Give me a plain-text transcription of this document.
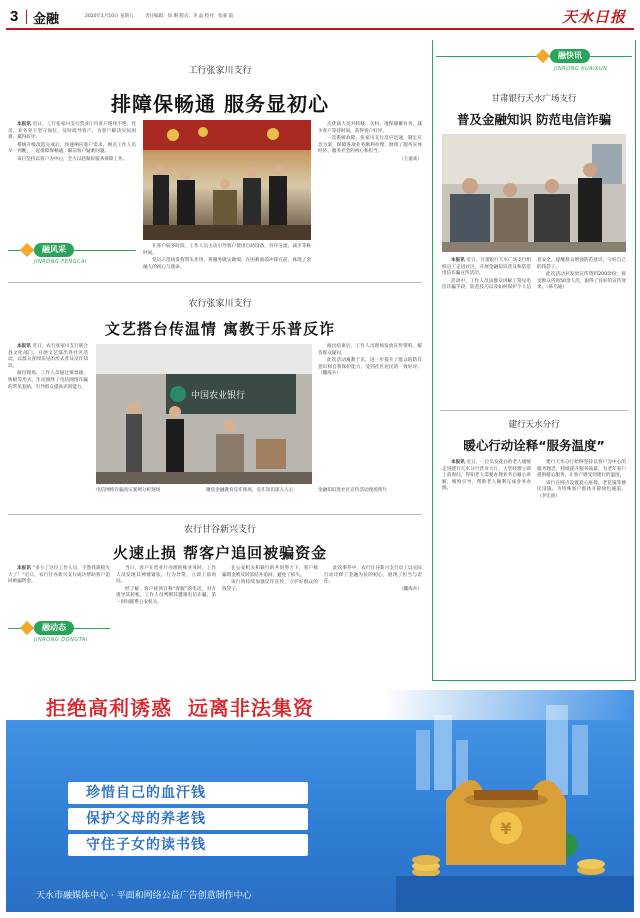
3 金融	2020年1月10日 星期五	责任编辑：徐 珊 版式：李 晶 校对：张蒙 霞	天水日报
工行张家川支行
排障保畅通 服务显初心

本报讯 近日，工行张家川支行营业厅内客户络绎不绝。党员、业务骨干坚守岗位，及时疏导客户，为客户解决实际困难，赢得好评。

系统升级改造完成后，快速响应客户需求，网点工作人员早一到晚，一起排障保畅通，解决客户疑难问题。

该行坚持以客户为中心，全力以赴做好服务保障工作。

在客户较多时段，工作人员主动引导客户使用自助设备，有序分流，减少等候时间。

党员示范岗发挥带头作用，将服务做实做细，在困难面前冲锋在前，体现了金融人的初心与使命。

点优质人员对转移、关村、地保储蓄业务，减少客户等待时间，获得客户好评。

一次系统故障，张家川支行反应迅速，制定应急方案，保障各项业务顺利办理，展现了服务实体经济、服务社会的初心和担当。

（王嘉欢）

融风采
JINRONG FENGCAI
农行张家川支行
文艺搭台传温情 寓教于乐普反诈

本报讯 近日，农行张家川支行联合县文化部门，开展文艺演出进社区活动，以群众喜闻乐见的形式普及反诈知识。

演出现场，工作人员通过情景剧、快板等形式，生动演绎了电信网络诈骗的常见套路，引导群众提高识别能力。

中国农业银行

演出结束后，工作人员现场发放宣传资料，解答群众疑问。

此次活动寓教于乐，进一步提升了群众的防诈意识和自我保护能力，受到社区居民的一致好评。（魏海兵）

电信网络诈骗真实案例分析现场	聚焦金融教育反诈现场，反诈知识深入人心	金融知识进社区宣传活动现场照片
农行甘谷新兴支行
火速止损 帮客户追回被骗资金

本报讯 “多亏了这位工作人员，不然我就损失大了！”近日，农行甘谷新兴支行成功帮助客户追回被骗资金。

当日，客户在营业厅办理转账业务时，工作人员发现其神情紧张、行为异常，立即上前询问。

经了解，客户接到自称“客服”的电话，对方诱导其转账。工作人员判断其遭遇电信诈骗，第一时间联系公安机关。

在公安机关和银行的共同努力下，客户被骗资金被及时冻结并追回，避免了损失。

该行将持续加强反诈宣传，守护好群众的钱袋子。

此次事件中，农行甘谷新兴支行员工以实际行动诠释了金融为民的初心，展现了担当与责任。

（魏海兵）

融动态
JINRONG DONGTAI
融快讯
JINRONG KUAIXUN
甘肃银行天水广场支行
普及金融知识 防范电信诈骗

本报讯 近日，甘肃银行天水广场支行组织员工走进社区，开展金融知识普及和防范电信诈骗宣传活动。

活动中，工作人员向群众讲解了常见电信诈骗手段、防范技巧以及如何保护个人信息安全，提醒群众增强防范意识，守好自己的钱袋子。

此次活动共发放宣传资料200余份，接受群众咨询50余人次，取得了良好的宣传效果。（韩乌迪）

建行天水分行
暖心行动诠释“服务温度”

本报讯 近日，一位头发花白的老人缓缓走进建行天水分行营业大厅，大堂经理立即上前询问，得知老人需要办理业务后耐心讲解，细致引导，帮助老人顺利完成业务办理。

建行天水分行始终坚持以客户为中心的服务理念，持续提升服务质量，为老年客户提供暖心服务，让客户感受到建行的温度。

该行在网点设置爱心座椅、老花镜等便民设施，为特殊客户群体开辟绿色通道。（李宏虎）

¥
拒绝高利诱惑  远离非法集资
珍惜自己的血汗钱
保护父母的养老钱
守住子女的读书钱
天水市融媒体中心 · 平面和网络公益广告创意制作中心
